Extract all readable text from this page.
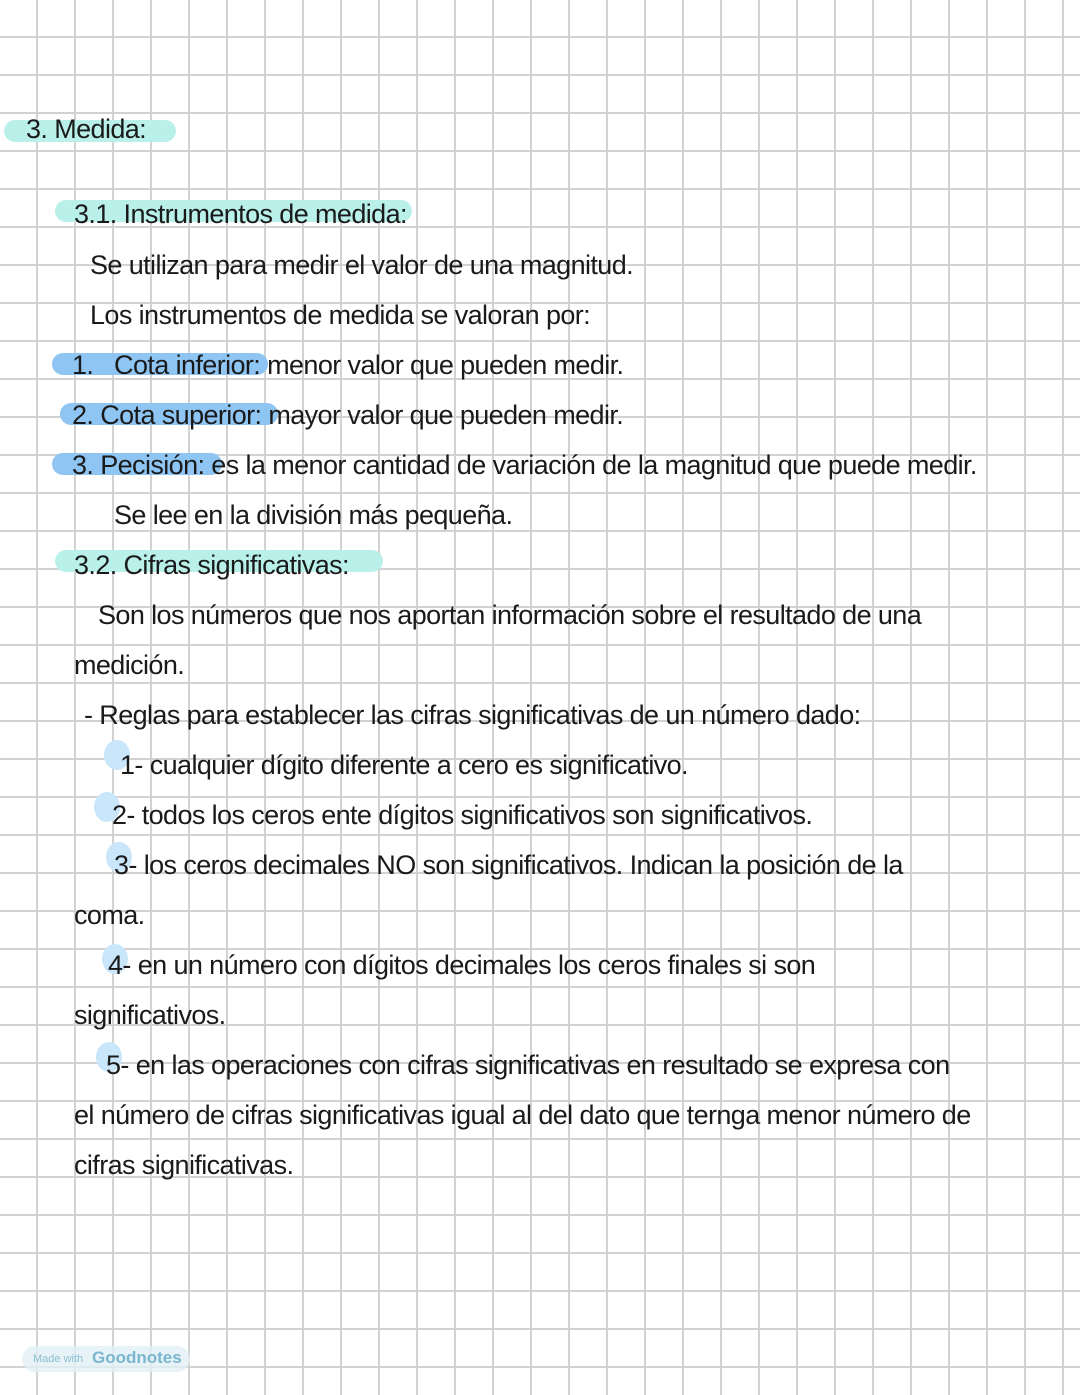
3. Medida:
3.1. Instrumentos de medida:
Se utilizan para medir el valor de una magnitud.
Los instrumentos de medida se valoran por:
1. Cota inferior: menor valor que pueden medir.
2. Cota superior: mayor valor que pueden medir.
3. Pecisión: es la menor cantidad de variación de la magnitud que puede medir.
Se lee en la división más pequeña.
3.2. Cifras significativas:
Son los números que nos aportan información sobre el resultado de una
medición.
- Reglas para establecer las cifras significativas de un número dado:
1- cualquier dígito diferente a cero es significativo.
2- todos los ceros ente dígitos significativos son significativos.
3- los ceros decimales NO son significativos. Indican la posición de la
coma.
4- en un número con dígitos decimales los ceros finales si son
significativos.
5- en las operaciones con cifras significativas en resultado se expresa con
el número de cifras significativas igual al del dato que ternga menor número de
cifras significativas.
Made with Goodnotes
